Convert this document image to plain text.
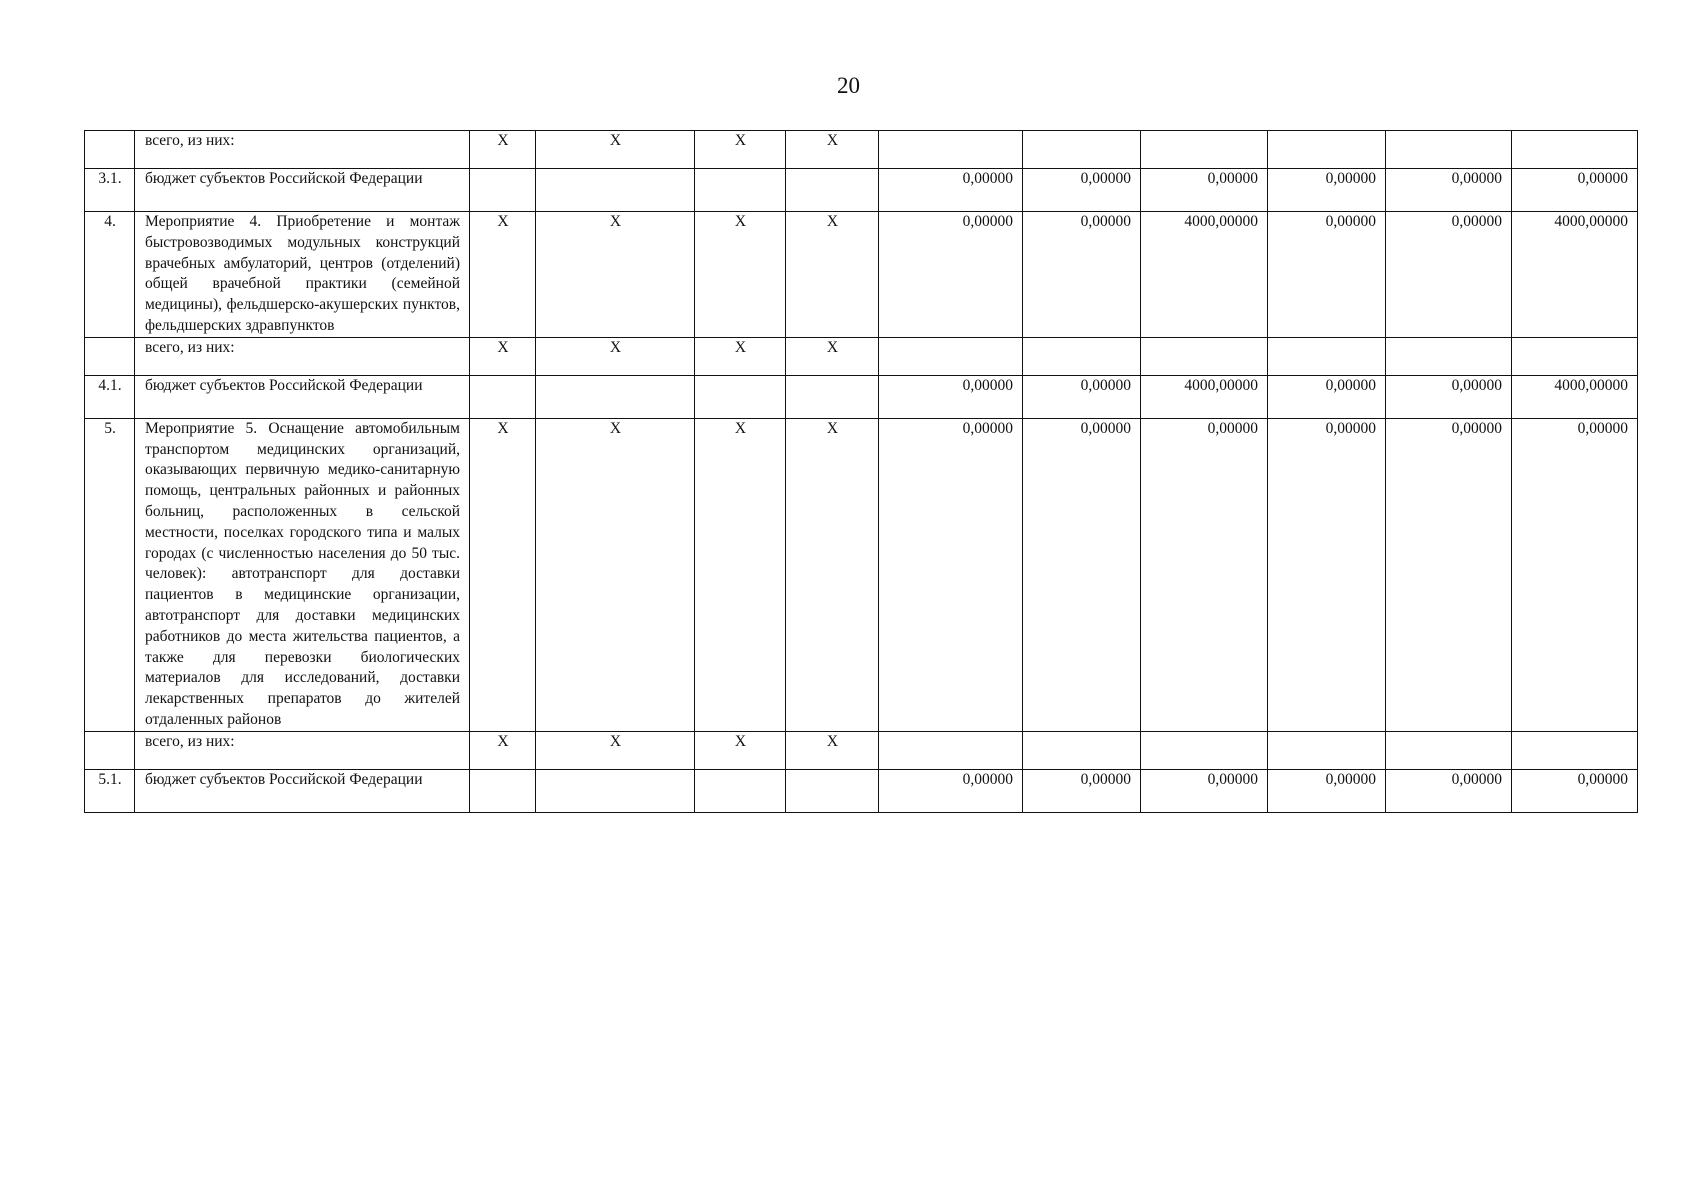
20
	всего, из них:	X	X	X	X						
3.1.	бюджет субъектов Российской Федерации					0,00000	0,00000	0,00000	0,00000	0,00000	0,00000
4.	Мероприятие 4. Приобретение и монтаж быстровозводимых модульных конструкций врачебных амбулаторий, центров (отделений) общей врачебной практики (семейной медицины), фельдшерско-акушерских пунктов, фельдшерских здравпунктов	X	X	X	X	0,00000	0,00000	4000,00000	0,00000	0,00000	4000,00000
	всего, из них:	X	X	X	X						
4.1.	бюджет субъектов Российской Федерации					0,00000	0,00000	4000,00000	0,00000	0,00000	4000,00000
5.	Мероприятие 5. Оснащение автомобильным транспортом медицинских организаций, оказывающих первичную медико-санитарную помощь, центральных районных и районных больниц, расположенных в сельской местности, поселках городского типа и малых городах (с численностью населения до 50 тыс. человек): автотранспорт для доставки пациентов в медицинские организации, автотранспорт для доставки медицинских работников до места жительства пациентов, а также для перевозки биологических материалов для исследований, доставки лекарственных препаратов до жителей отдаленных районов	X	X	X	X	0,00000	0,00000	0,00000	0,00000	0,00000	0,00000
	всего, из них:	X	X	X	X						
5.1.	бюджет субъектов Российской Федерации					0,00000	0,00000	0,00000	0,00000	0,00000	0,00000
